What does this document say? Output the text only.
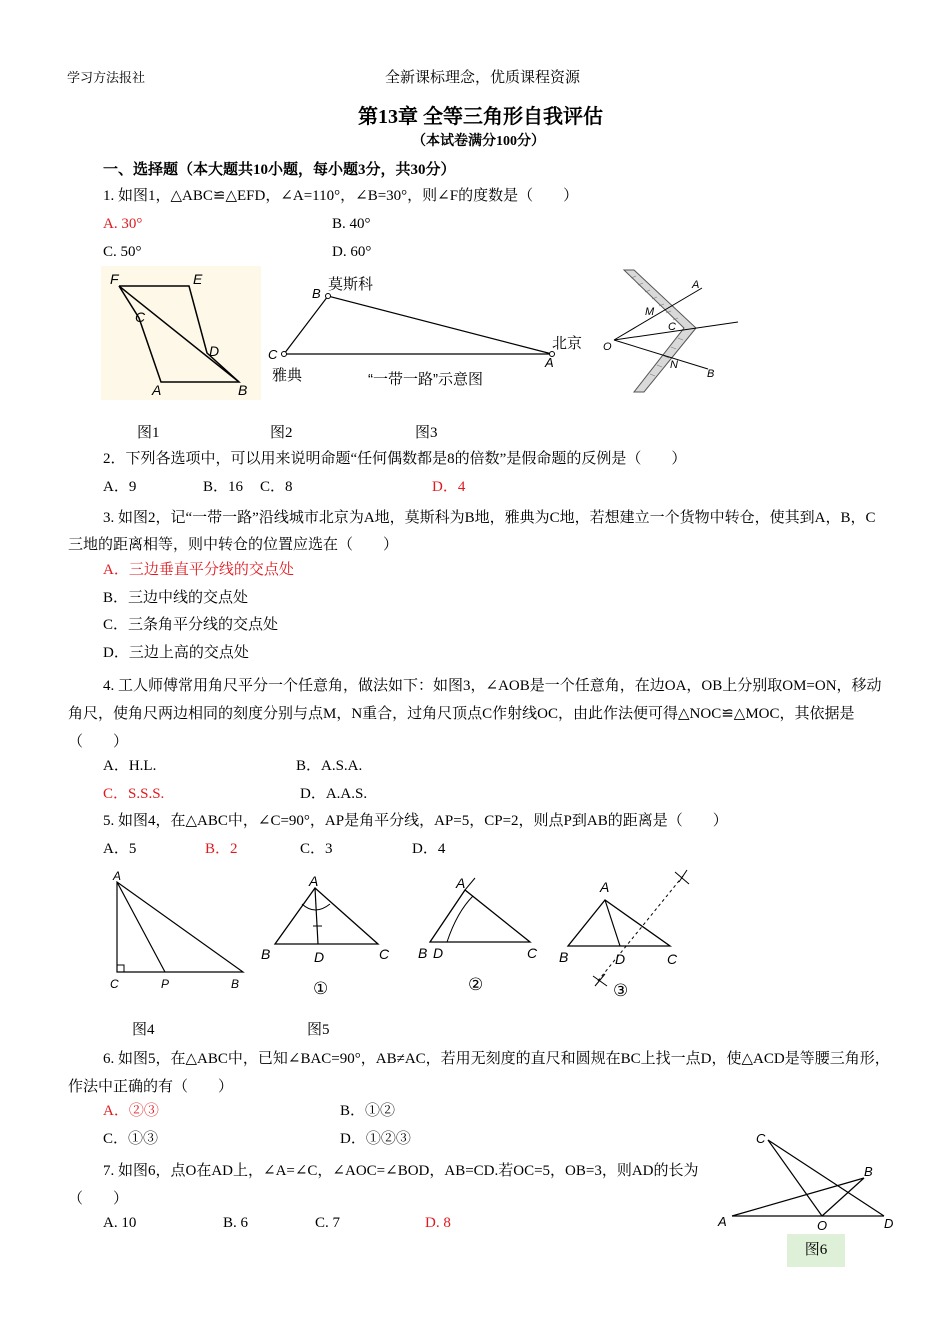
学习方法报社	全新课标理念，优质课程资源
第13章 全等三角形自我评估
（本试卷满分100分）
一、选择题（本大题共10小题，每小题3分，共30分）
1. 如图1，△ABC≌△EFD，∠A=110°，∠B=30°，则∠F的度数是（　　）
A. 30°	B. 40°
C. 50°	D. 60°
F	E
C
D
A	B
B
莫斯科
C
雅典
北京
A
“一带一路”示意图
A
M
C
O
N
B
图1	图2	图3
2．下列各选项中，可以用来说明命题“任何偶数都是8的倍数”是假命题的反例是（　　）
A．9	B．16 C．8	D．4
3. 如图2，记“一带一路”沿线城市北京为A地，莫斯科为B地，雅典为C地，若想建立一个货物中转仓，使其到A，B，C三地的距离相等，则中转仓的位置应选在（　　）
A．三边垂直平分线的交点处
B．三边中线的交点处
C．三条角平分线的交点处
D．三边上高的交点处
4. 工人师傅常用角尺平分一个任意角，做法如下：如图3，∠AOB是一个任意角，在边OA，OB上分别取OM=ON，移动角尺，使角尺两边相同的刻度分别与点M，N重合，过角尺顶点C作射线OC，由此作法便可得△NOC≌△MOC，其依据是（　　）
A．H.L.	B．A.S.A.
C．S.S.S.	D．A.A.S.
5. 如图4，在△ABC中，∠C=90°，AP是角平分线，AP=5，CP=2，则点P到AB的距离是（　　）
A．5	B．2	C．3	D．4
A
C	P	B
A
B	D	C
①
A
B D	C
②
A
B	D	C
③
图4	图5
6. 如图5，在△ABC中，已知∠BAC=90°，AB≠AC，若用无刻度的直尺和圆规在BC上找一点D，使△ACD是等腰三角形，作法中正确的有（　　）
A．②③	B．①②
C．①③	D．①②③
7. 如图6，点O在AD上，∠A=∠C，∠AOC=∠BOD，AB=CD.若OC=5，OB=3，则AD的长为（　　）
A. 10	B. 6	C. 7	D. 8
C
B
A	O	D
图6
